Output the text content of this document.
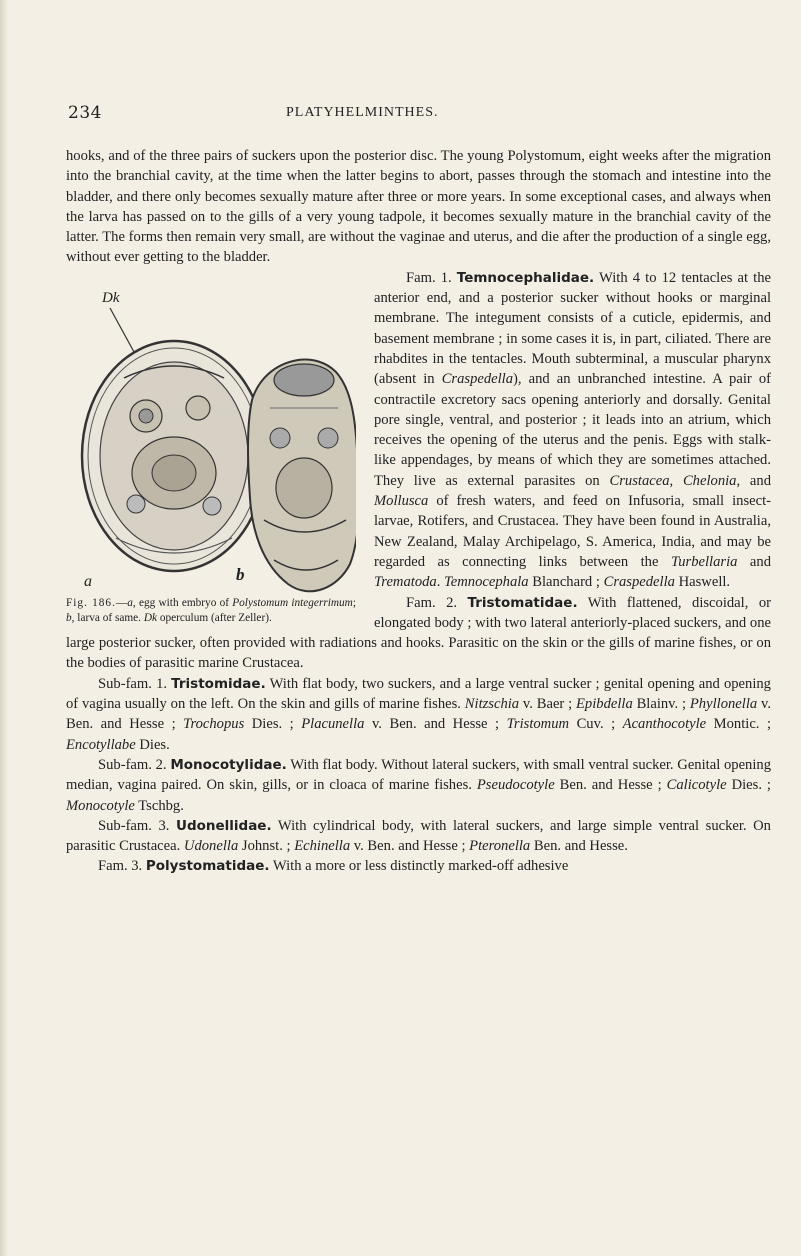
234	PLATYHELMINTHES.

hooks, and of the three pairs of suckers upon the posterior disc. The young Polystomum, eight weeks after the migration into the branchial cavity, at the time when the latter begins to abort, passes through the stomach and intestine into the bladder, and there only becomes sexually mature after three or more years. In some exceptional cases, and always when the larva has passed on to the gills of a very young tadpole, it becomes sexually mature in the branchial cavity of the latter. The forms then remain very small, are without the vaginae and uterus, and die after the production of a single egg, without ever getting to the bladder.

Dk
a	b
Fig. 186.—a, egg with embryo of Polystomum integerrimum; b, larva of same. Dk operculum (after Zeller).

Fam. 1. Temnocephalidae. With 4 to 12 tentacles at the anterior end, and a posterior sucker without hooks or marginal membrane. The integument consists of a cuticle, epidermis, and basement membrane ; in some cases it is, in part, ciliated. There are rhabdites in the tentacles. Mouth subterminal, a muscular pharynx (absent in Craspedella), and an unbranched intestine. A pair of contractile excretory sacs opening anteriorly and dorsally. Genital pore single, ventral, and posterior ; it leads into an atrium, which receives the opening of the uterus and the penis. Eggs with stalk-like appendages, by means of which they are sometimes attached. They live as external parasites on Crustacea, Chelonia, and Mollusca of fresh waters, and feed on Infusoria, small insect-larvae, Rotifers, and Crustacea. They have been found in Australia, New Zealand, Malay Archipelago, S. America, India, and may be regarded as connecting links between the Turbellaria and Trematoda. Temnocephala Blanchard ; Craspedella Haswell.

Fam. 2. Tristomatidae. With flattened, discoidal, or elongated body ; with two lateral anteriorly-placed suckers, and one large posterior sucker, often provided with radiations and hooks. Parasitic on the skin or the gills of marine fishes, or on the bodies of parasitic marine Crustacea.

Sub-fam. 1. Tristomidae. With flat body, two suckers, and a large ventral sucker ; genital opening and opening of vagina usually on the left. On the skin and gills of marine fishes. Nitzschia v. Baer ; Epibdella Blainv. ; Phyllonella v. Ben. and Hesse ; Trochopus Dies. ; Placunella v. Ben. and Hesse ; Tristomum Cuv. ; Acanthocotyle Montic. ; Encotyllabe Dies.

Sub-fam. 2. Monocotylidae. With flat body. Without lateral suckers, with small ventral sucker. Genital opening median, vagina paired. On skin, gills, or in cloaca of marine fishes. Pseudocotyle Ben. and Hesse ; Calicotyle Dies. ; Monocotyle Tschbg.

Sub-fam. 3. Udonellidae. With cylindrical body, with lateral suckers, and large simple ventral sucker. On parasitic Crustacea. Udonella Johnst. ; Echinella v. Ben. and Hesse ; Pteronella Ben. and Hesse.

Fam. 3. Polystomatidae. With a more or less distinctly marked-off adhesive
